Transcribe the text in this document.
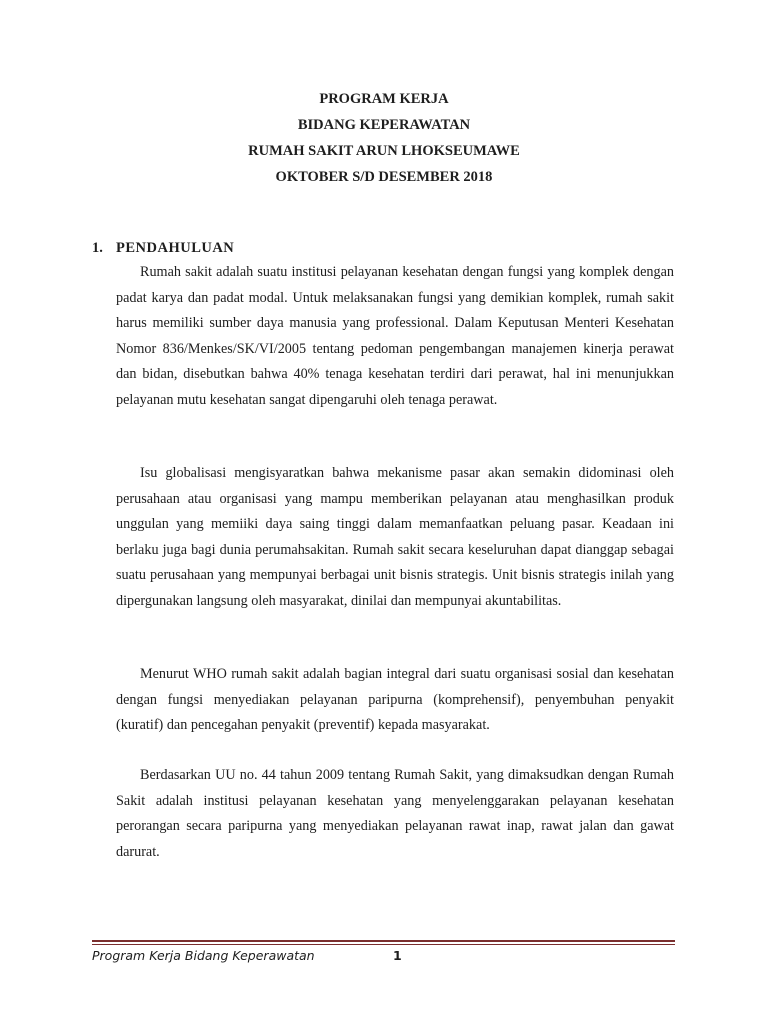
PROGRAM KERJA
BIDANG KEPERAWATAN
RUMAH SAKIT ARUN LHOKSEUMAWE
OKTOBER S/D DESEMBER 2018
1. PENDAHULUAN

Rumah sakit adalah suatu institusi pelayanan kesehatan dengan fungsi yang komplek dengan padat karya dan padat modal. Untuk melaksanakan fungsi yang demikian komplek, rumah sakit harus memiliki sumber daya manusia yang professional. Dalam Keputusan Menteri Kesehatan Nomor 836/Menkes/SK/VI/2005 tentang pedoman pengembangan manajemen kinerja perawat dan bidan, disebutkan bahwa 40% tenaga kesehatan terdiri dari perawat, hal ini menunjukkan pelayanan mutu kesehatan sangat dipengaruhi oleh tenaga perawat.

Isu globalisasi mengisyaratkan bahwa mekanisme pasar akan semakin didominasi oleh perusahaan atau organisasi yang mampu memberikan pelayanan atau menghasilkan produk unggulan yang memiiki daya saing tinggi dalam memanfaatkan peluang pasar. Keadaan ini berlaku juga bagi dunia perumahsakitan. Rumah sakit secara keseluruhan dapat dianggap sebagai suatu perusahaan yang mempunyai berbagai unit bisnis strategis. Unit bisnis strategis inilah yang dipergunakan langsung oleh masyarakat, dinilai dan mempunyai akuntabilitas.

Menurut WHO rumah sakit adalah bagian integral dari suatu organisasi sosial dan kesehatan dengan fungsi menyediakan pelayanan paripurna (komprehensif), penyembuhan penyakit (kuratif) dan pencegahan penyakit (preventif) kepada masyarakat.

Berdasarkan UU no. 44 tahun 2009 tentang Rumah Sakit, yang dimaksudkan dengan Rumah Sakit adalah institusi pelayanan kesehatan yang menyelenggarakan pelayanan kesehatan perorangan secara paripurna yang menyediakan pelayanan rawat inap, rawat jalan dan gawat darurat.

Program Kerja Bidang Keperawatan	1
